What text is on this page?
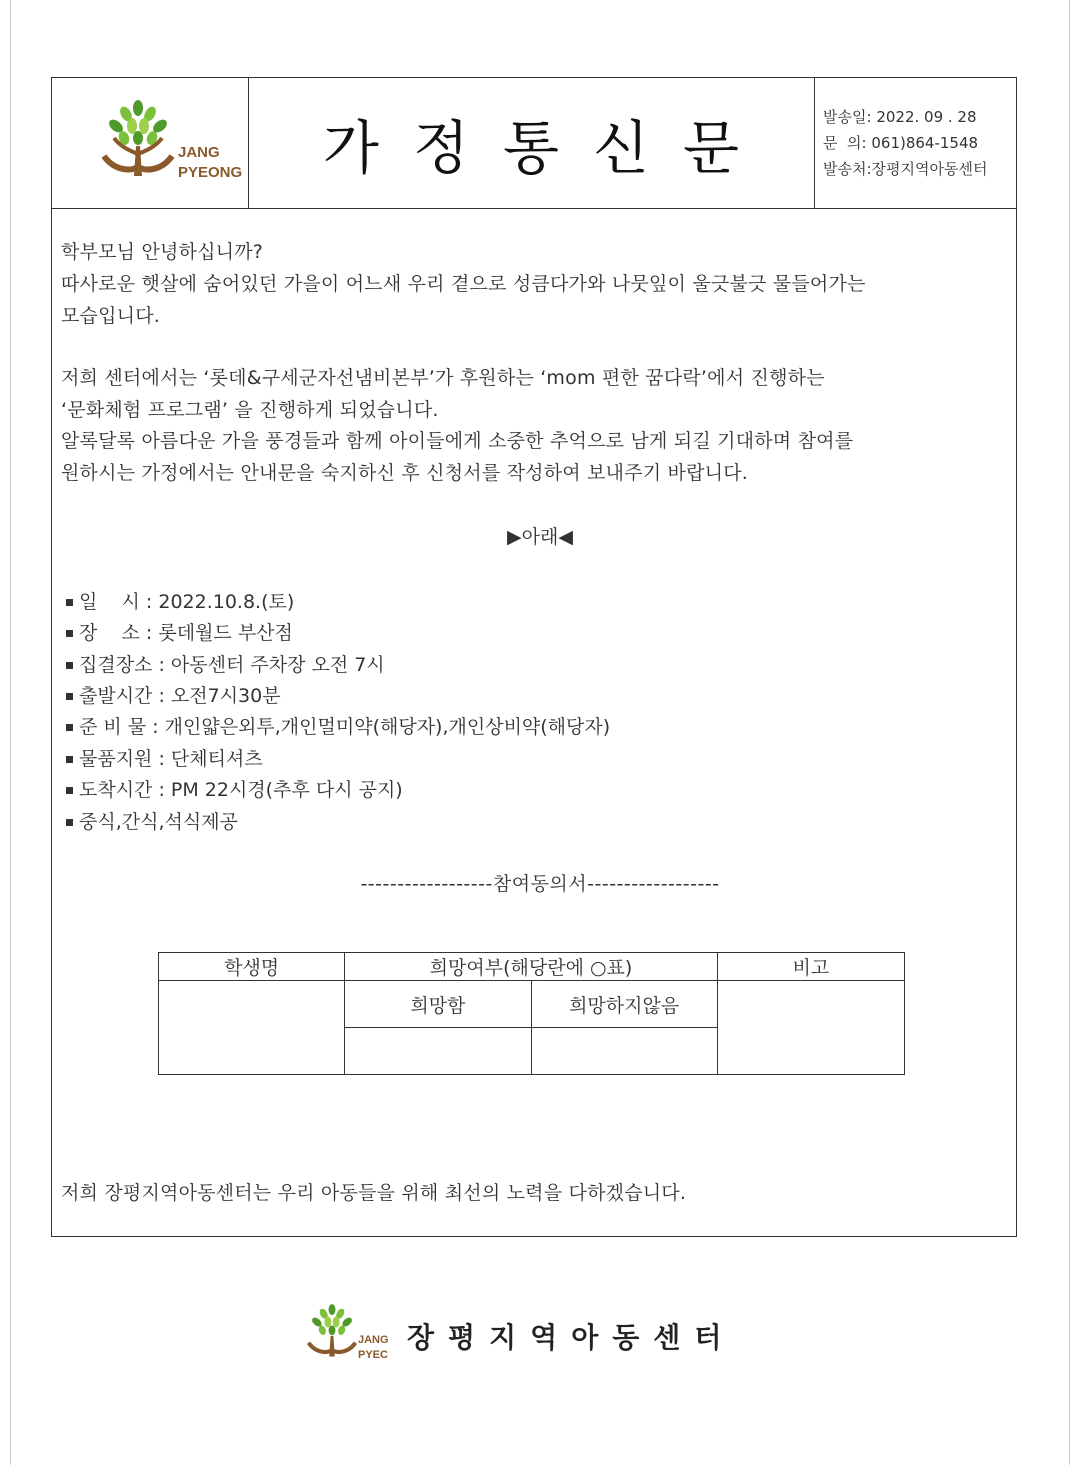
JANG
PYEONG	가정통신문	발송일: 2022. 09 . 28
문  의: 061)864-1548
발송처:장평지역아동센터
학부모님 안녕하십니까?
따사로운 햇살에 숨어있던 가을이 어느새 우리 곁으로 성큼다가와 나뭇잎이 울긋불긋 물들어가는
모습입니다.
저희 센터에서는 ‘롯데&구세군자선냄비본부’가 후원하는 ‘mom 편한 꿈다락’에서 진행하는
‘문화체험 프로그램’ 을 진행하게 되었습니다.
알록달록 아름다운 가을 풍경들과 함께 아이들에게 소중한 추억으로 남게 되길 기대하며 참여를
원하시는 가정에서는 안내문을 숙지하신 후 신청서를 작성하여 보내주기 바랍니다.
▶아래◀
일    시 : 2022.10.8.(토)
장    소 : 롯데월드 부산점
집결장소 : 아동센터 주차장 오전 7시
출발시간 : 오전7시30분
준 비 물 : 개인얇은외투,개인멀미약(해당자),개인상비약(해당자)
물품지원 : 단체티셔츠
도착시간 : PM 22시경(추후 다시 공지)
중식,간식,석식제공
------------------참여동의서------------------
학생명	희망여부(해당란에 ○표)		비고
	희망함	희망하지않음	

저희 장평지역아동센터는 우리 아동들을 위해 최선의 노력을 다하겠습니다.
JANG
PYEC
장평지역아동센터
